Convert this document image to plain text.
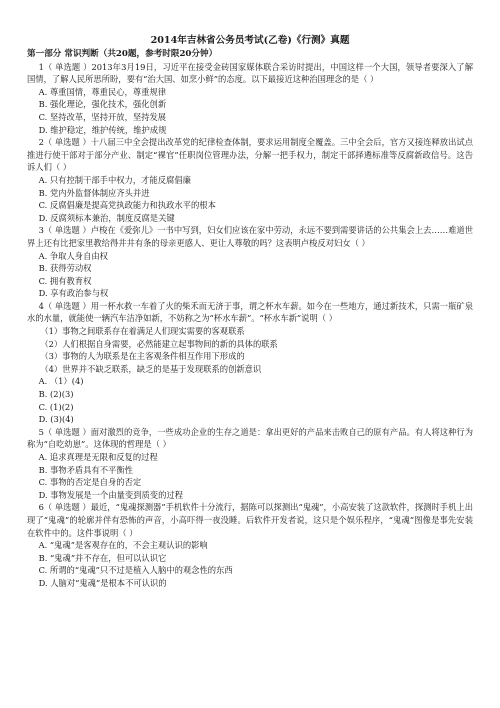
2014年吉林省公务员考试(乙卷)《行测》真题
第一部分 常识判断（共20题，参考时限20分钟）

1（ 单选题 ）2013年3月19日，习近平在接受金砖国家媒体联合采访时提出，中国这样一个大国，领导者要深入了解国情，了解人民所思所盼，要有“治大国、如烹小鲜”的态度。以下最接近这种治国理念的是（ ）

A. 尊重国情，尊重民心，尊重规律

B. 强化理论，强化技术，强化创新

C. 坚持改革，坚持开放，坚持发展

D. 维护稳定，维护传统，维护成规

2（ 单选题 ）十八届三中全会提出改革党的纪律检查体制，要求运用制度全覆盖。三中全会后，官方又接连释放出试点推进行使干部对于部分产业、制定“裸官”任职岗位管理办法，分解一把手权力，制定干部择遴标准等反腐新政信号。这告诉人们（ ）

A. 只有控制干部手中权力，才能反腐倡廉

B. 党内外监督体制应齐头并进

C. 反腐倡廉是提高党执政能力和执政水平的根本

D. 反腐须标本兼治，制度反腐是关键

3（ 单选题 ）卢梭在《爱弥儿》一书中写到，妇女们应该在家中劳动，永远不要到需要讲话的公共集会上去……难道世界上还有比把家里教给得井井有条的母亲更感人、更让人尊敬的吗？这表明卢梭反对妇女（ ）

A. 争取人身自由权

B. 获得劳动权

C. 拥有教育权

D. 享有政治参与权

4（ 单选题 ）用一杯水救一车着了火的柴禾而无济于事，谓之杯水车薪。如今在一些地方，通过新技术，只需一瓶矿泉水的水量，就能使一辆汽车洁净如新，不妨称之为“杯水车薪”。“杯水车新”说明（ ）

（1）事物之间联系存在着满足人们现实需要的客观联系

（2）人们根据自身需要，必然能建立起事物间的新的具体的联系

（3）事物的人为联系是在主客观条件相互作用下形成的

（4）世界并不缺乏联系，缺乏的是基于发现联系的创新意识

A. （1）(4)

B. (2)(3)

C. (1)(2)

D. (3)(4)

5（ 单选题 ）面对激烈的竞争，一些成功企业的生存之道是：拿出更好的产品来击败自己的原有产品。有人将这种行为称为“自吃幼崽”。这体现的哲理是（ ）

A. 追求真理是无限和反复的过程

B. 事物矛盾具有不平衡性

C. 事物的否定是自身的否定

D. 事物发展是一个由量变到质变的过程

6（ 单选题 ）最近，“鬼魂探测器”手机软件十分流行，据陈可以探测出“鬼魂”，小高安装了这款软件，探测时手机上出现了“鬼魂”的轮廓并伴有恐怖的声音，小高吓得一夜没睡。后软件开发者说，这只是个娱乐程序，“鬼魂”图像是事先安装在软件中的。这件事说明（ ）

A. “鬼魂”是客观存在的，不会主观认识的影响

B. “鬼魂”并不存在，但可以认识它

C. 所谓的“鬼魂”只不过是植入人脑中的观念性的东西

D. 人脑对“鬼魂”是根本不可认识的
